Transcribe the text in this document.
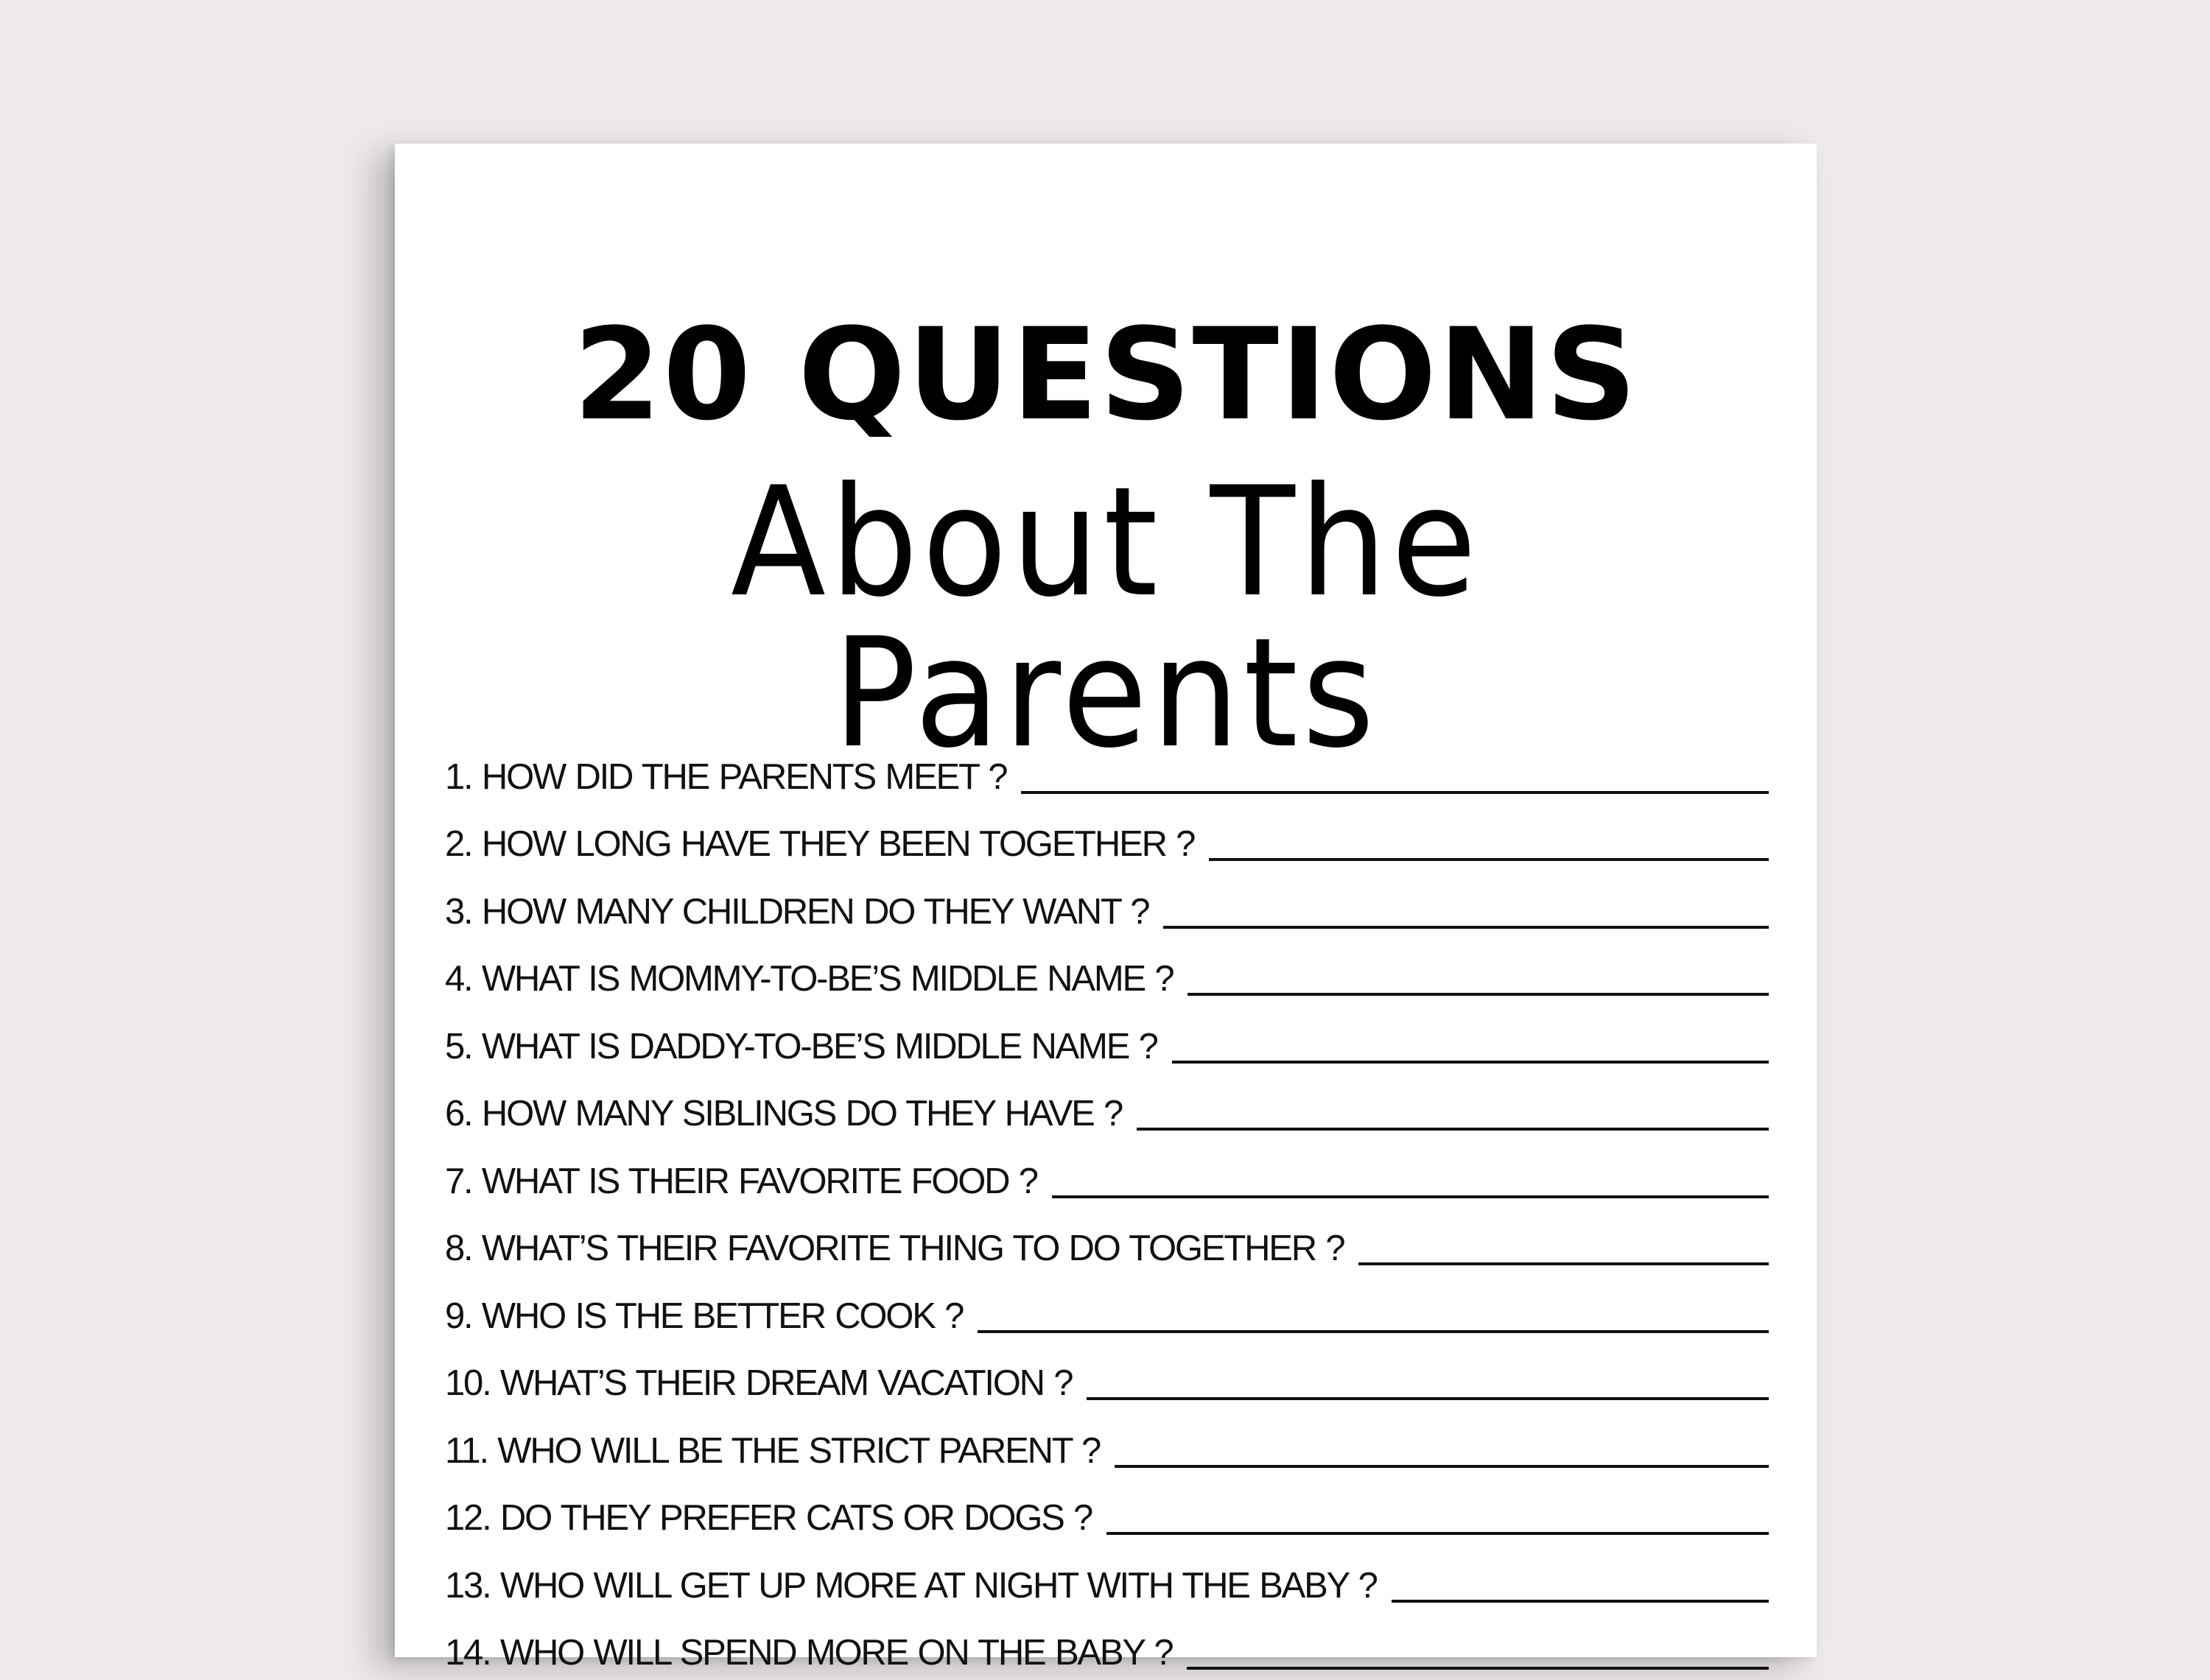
20 QUESTIONS
About The Parents
1. HOW DID THE PARENTS MEET ?
2. HOW LONG HAVE THEY BEEN TOGETHER ?
3. HOW MANY CHILDREN DO THEY WANT ?
4. WHAT IS MOMMY-TO-BE’S MIDDLE NAME ?
5. WHAT IS DADDY-TO-BE’S MIDDLE NAME ?
6. HOW MANY SIBLINGS DO THEY HAVE ?
7. WHAT IS THEIR FAVORITE FOOD ?
8. WHAT’S THEIR FAVORITE THING TO DO TOGETHER ?
9. WHO IS THE BETTER COOK ?
10. WHAT’S THEIR DREAM VACATION ?
11. WHO WILL BE THE STRICT PARENT ?
12. DO THEY PREFER CATS OR DOGS ?
13. WHO WILL GET UP MORE AT NIGHT WITH THE BABY ?
14. WHO WILL SPEND MORE ON THE BABY ?
